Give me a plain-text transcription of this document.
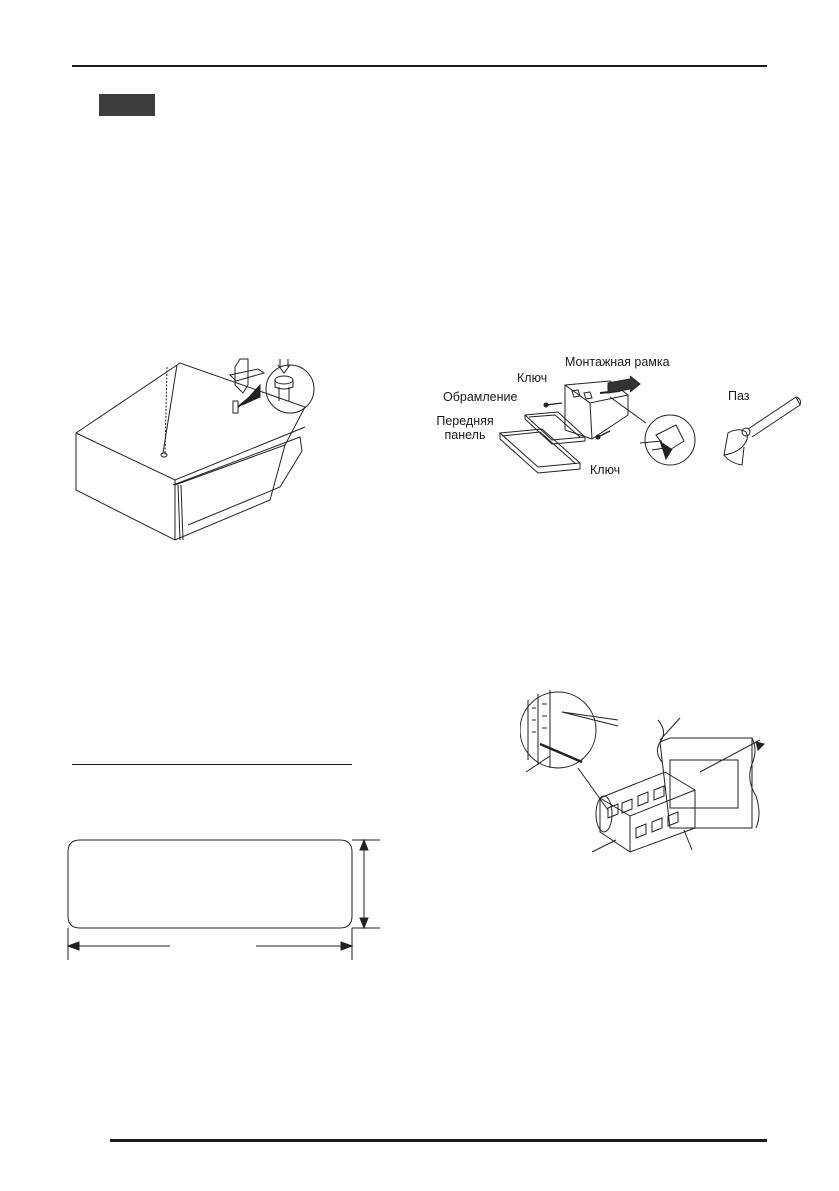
Монтажная рамка
Ключ
Обрамление
Передняя
панель
Ключ
Паз
